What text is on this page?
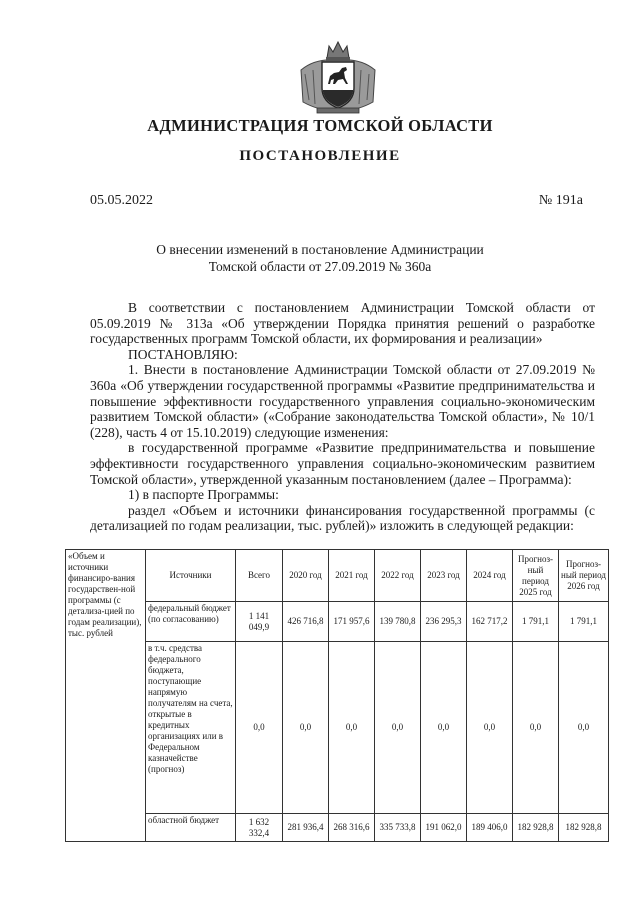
АДМИНИСТРАЦИЯ ТОМСКОЙ ОБЛАСТИ
ПОСТАНОВЛЕНИЕ
05.05.2022	№ 191а
О внесении изменений в постановление Администрации
Томской области от 27.09.2019 № 360а

В соответствии с постановлением Администрации Томской области от 05.09.2019 № 313а «Об утверждении Порядка принятия решений о разработке государственных программ Томской области, их формирования и реализации»

ПОСТАНОВЛЯЮ:

1. Внести в постановление Администрации Томской области от 27.09.2019 № 360а «Об утверждении государственной программы «Развитие предпринимательства и повышение эффективности государственного управления социально-экономическим развитием Томской области» («Собрание законодательства Томской области», № 10/1 (228), часть 4 от 15.10.2019) следующие изменения:

в государственной программе «Развитие предпринимательства и повышение эффективности государственного управления социально-экономическим развитием Томской области», утвержденной указанным постановлением (далее – Программа):

1) в паспорте Программы:

раздел «Объем и источники финансирования государственной программы (с детализацией по годам реализации, тыс. рублей)» изложить в следующей редакции:

«Объем и источники финансиро-вания государствен-ной программы (с детализа-цией по годам реализации), тыс. рублей	Источники	Всего	2020 год	2021 год	2022 год	2023 год	2024 год	Прогноз-ный период 2025 год	Прогноз-ный период 2026 год
	федеральный бюджет (по согласованию)	1 141 049,9	426 716,8	171 957,6	139 780,8	236 295,3	162 717,2	1 791,1	1 791,1
	в т.ч. средства федерального бюджета, поступающие напрямую получателям на счета, открытые в кредитных организациях или в Федеральном казначействе (прогноз)	0,0	0,0	0,0	0,0	0,0	0,0	0,0	0,0
	областной бюджет	1 632 332,4	281 936,4	268 316,6	335 733,8	191 062,0	189 406,0	182 928,8	182 928,8
